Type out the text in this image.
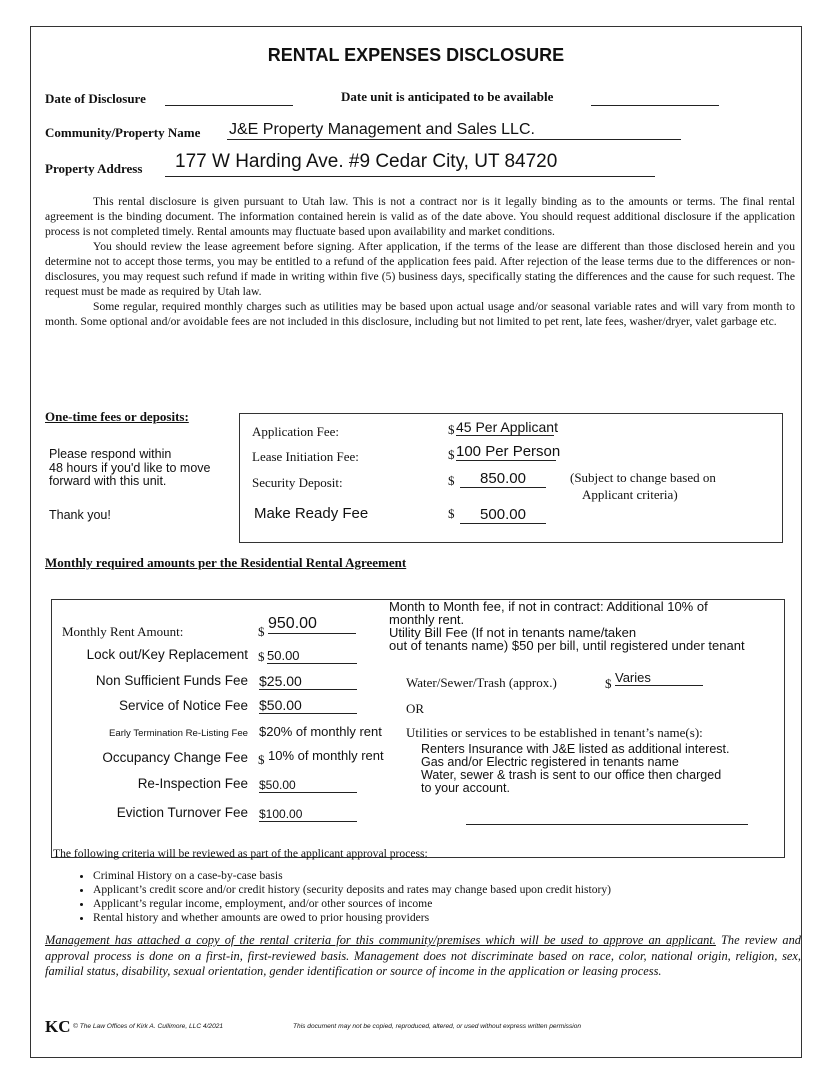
RENTAL EXPENSES DISCLOSURE
Date of Disclosure	Date unit is anticipated to be available
Community/Property Name J&E Property Management and Sales LLC.
Property Address 177 W Harding Ave. #9 Cedar City, UT 84720

This rental disclosure is given pursuant to Utah law. This is not a contract nor is it legally binding as to the amounts or terms. The final rental agreement is the binding document. The information contained herein is valid as of the date above. You should request additional disclosure if the application process is not completed timely. Rental amounts may fluctuate based upon availability and market conditions.

You should review the lease agreement before signing. After application, if the terms of the lease are different than those disclosed herein and you determine not to accept those terms, you may be entitled to a refund of the application fees paid. After rejection of the lease terms due to the differences or non-disclosures, you may request such refund if made in writing within five (5) business days, specifically stating the differences and the cause for such request. The request must be made as required by Utah law.

Some regular, required monthly charges such as utilities may be based upon actual usage and/or seasonal variable rates and will vary from month to month. Some optional and/or avoidable fees are not included in this disclosure, including but not limited to pet rent, late fees, washer/dryer, valet garbage etc.

One-time fees or deposits:
Please respond within
48 hours if you'd like to move
forward with this unit.
Thank you!
Application Fee:	$ 45 Per Applicant
Lease Initiation Fee:	$ 100 Per Person
Security Deposit:	$	850.00	(Subject to change based on
Applicant criteria)
Make Ready Fee	$	500.00
Monthly required amounts per the Residential Rental Agreement
Monthly Rent Amount:	$ 950.00
Lock out/Key Replacement $ 50.00
Non Sufficient Funds Fee $25.00
Service of Notice Fee $50.00
Early Termination Re-Listing Fee $20% of monthly rent
Occupancy Change Fee $ 10% of monthly rent
Re-Inspection Fee $50.00
Eviction Turnover Fee $100.00
Month to Month fee, if not in contract: Additional 10% of
monthly rent.
Utility Bill Fee (If not in tenants name/taken
out of tenants name) $50 per bill, until registered under tenant
Water/Sewer/Trash (approx.)	$ Varies
OR
Utilities or services to be established in tenant’s name(s):
Renters Insurance with J&E listed as additional interest.
Gas and/or Electric registered in tenants name
Water, sewer & trash is sent to our office then charged
to your account.
The following criteria will be reviewed as part of the applicant approval process:
• Criminal History on a case-by-case basis
• Applicant’s credit score and/or credit history (security deposits and rates may change based upon credit history)
• Applicant’s regular income, employment, and/or other sources of income
• Rental history and whether amounts are owed to prior housing providers
Management has attached a copy of the rental criteria for this community/premises which will be used to approve an applicant. The review and approval process is done on a first-in, first-reviewed basis. Management does not discriminate based on race, color, national origin, religion, sex, familial status, disability, sexual orientation, gender identification or source of income in the application or leasing process.
KC © The Law Offices of Kirk A. Cullimore, LLC 4/2021	This document may not be copied, reproduced, altered, or used without express written permission
